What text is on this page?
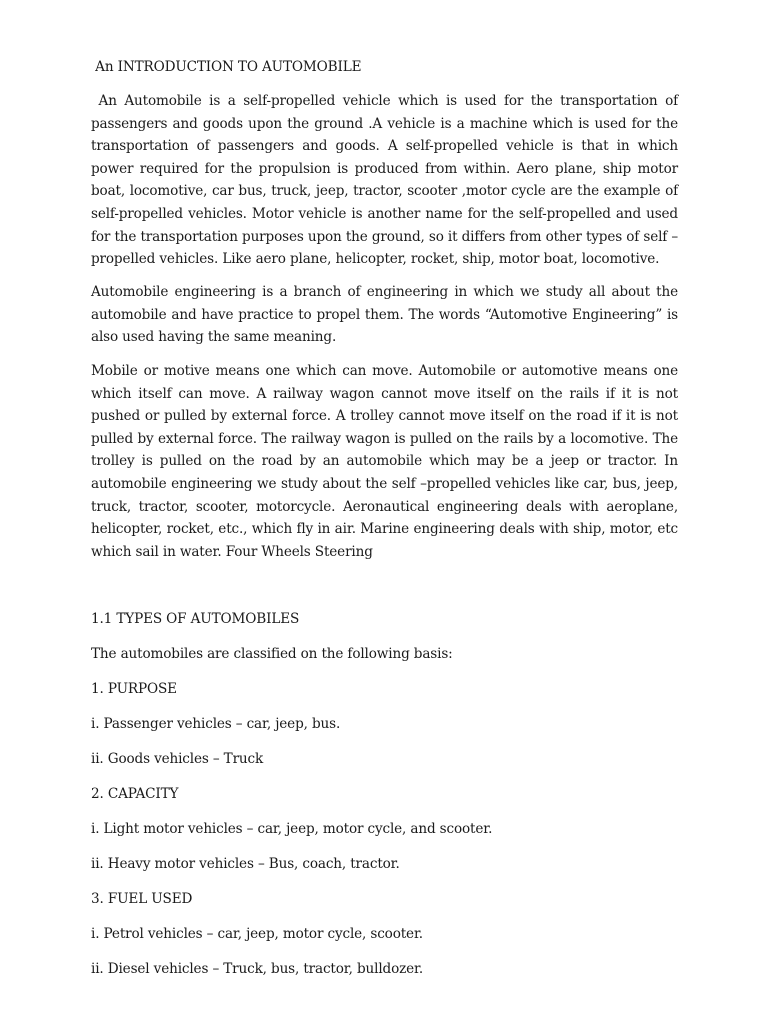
An INTRODUCTION TO AUTOMOBILE

An Automobile is a self-propelled vehicle which is used for the transportation of passengers and goods upon the ground .A vehicle is a machine which is used for the transportation of passengers and goods. A self-propelled vehicle is that in which power required for the propulsion is produced from within. Aero plane, ship motor boat, locomotive, car bus, truck, jeep, tractor, scooter ,motor cycle are the example of self-propelled vehicles. Motor vehicle is another name for the self-propelled and used for the transportation purposes upon the ground, so it differs from other types of self – propelled vehicles. Like aero plane, helicopter, rocket, ship, motor boat, locomotive.

Automobile engineering is a branch of engineering in which we study all about the automobile and have practice to propel them. The words “Automotive Engineering” is also used having the same meaning.

Mobile or motive means one which can move. Automobile or automotive means one which itself can move. A railway wagon cannot move itself on the rails if it is not pushed or pulled by external force. A trolley cannot move itself on the road if it is not pulled by external force. The railway wagon is pulled on the rails by a locomotive. The trolley is pulled on the road by an automobile which may be a jeep or tractor. In automobile engineering we study about the self –propelled vehicles like car, bus, jeep, truck, tractor, scooter, motorcycle. Aeronautical engineering deals with aeroplane, helicopter, rocket, etc., which fly in air. Marine engineering deals with ship, motor, etc which sail in water. Four Wheels Steering

1.1 TYPES OF AUTOMOBILES

The automobiles are classified on the following basis:

1. PURPOSE

i. Passenger vehicles – car, jeep, bus.

ii. Goods vehicles – Truck

2. CAPACITY

i. Light motor vehicles – car, jeep, motor cycle, and scooter.

ii. Heavy motor vehicles – Bus, coach, tractor.

3. FUEL USED

i. Petrol vehicles – car, jeep, motor cycle, scooter.

ii. Diesel vehicles – Truck, bus, tractor, bulldozer.
